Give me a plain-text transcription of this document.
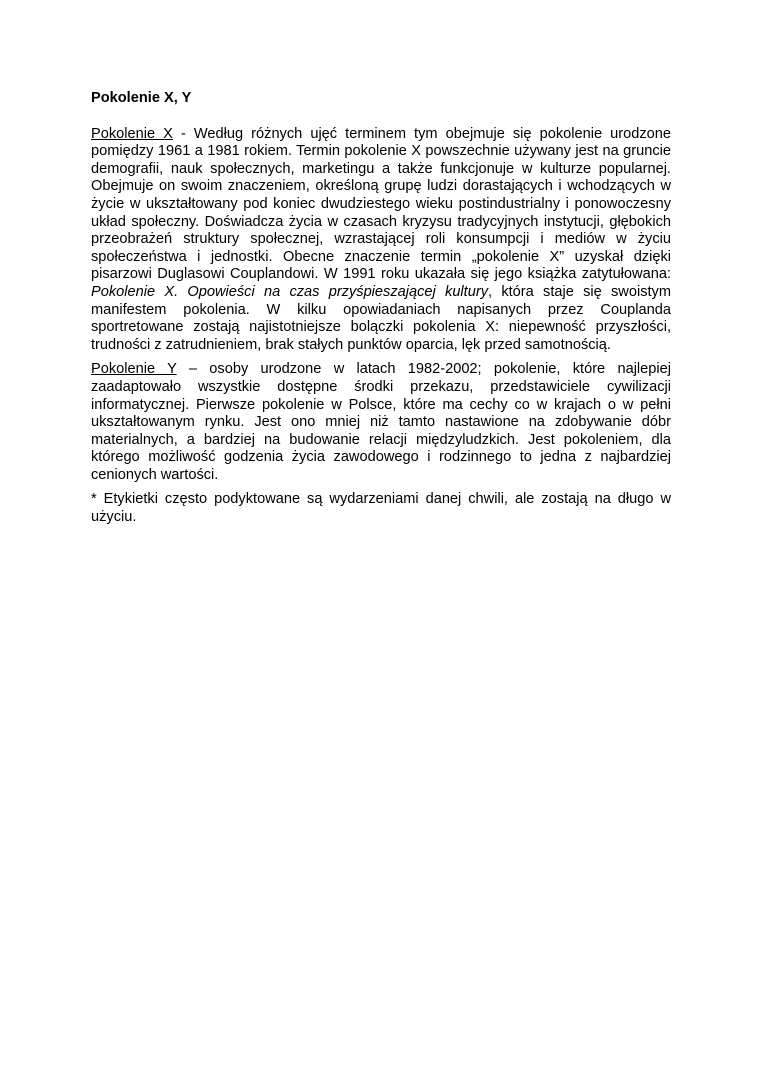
Pokolenie X, Y

Pokolenie X - Według różnych ujęć terminem tym obejmuje się pokolenie urodzone pomiędzy 1961 a 1981 rokiem. Termin pokolenie X powszechnie używany jest na gruncie demografii, nauk społecznych, marketingu a także funkcjonuje w kulturze popularnej. Obejmuje on swoim znaczeniem, określoną grupę ludzi dorastających i wchodzących w życie w ukształtowany pod koniec dwudziestego wieku postindustrialny i ponowoczesny układ społeczny. Doświadcza życia w czasach kryzysu tradycyjnych instytucji, głębokich przeobrażeń struktury społecznej, wzrastającej roli konsumpcji i mediów w życiu społeczeństwa i jednostki. Obecne znaczenie termin „pokolenie X” uzyskał dzięki pisarzowi Duglasowi Couplandowi. W 1991 roku ukazała się jego książka zatytułowana: Pokolenie X. Opowieści na czas przyśpieszającej kultury, która staje się swoistym manifestem pokolenia. W kilku opowiadaniach napisanych przez Couplanda sportretowane zostają najistotniejsze bolączki pokolenia X: niepewność przyszłości, trudności z zatrudnieniem, brak stałych punktów oparcia, lęk przed samotnością.

Pokolenie Y – osoby urodzone w latach 1982-2002; pokolenie, które najlepiej zaadaptowało wszystkie dostępne środki przekazu, przedstawiciele cywilizacji informatycznej. Pierwsze pokolenie w Polsce, które ma cechy co w krajach o w pełni ukształtowanym rynku. Jest ono mniej niż tamto nastawione na zdobywanie dóbr materialnych, a bardziej na budowanie relacji międzyludzkich. Jest pokoleniem, dla którego możliwość godzenia życia zawodowego i rodzinnego to jedna z najbardziej cenionych wartości.

* Etykietki często podyktowane są wydarzeniami danej chwili, ale zostają na długo w użyciu.
